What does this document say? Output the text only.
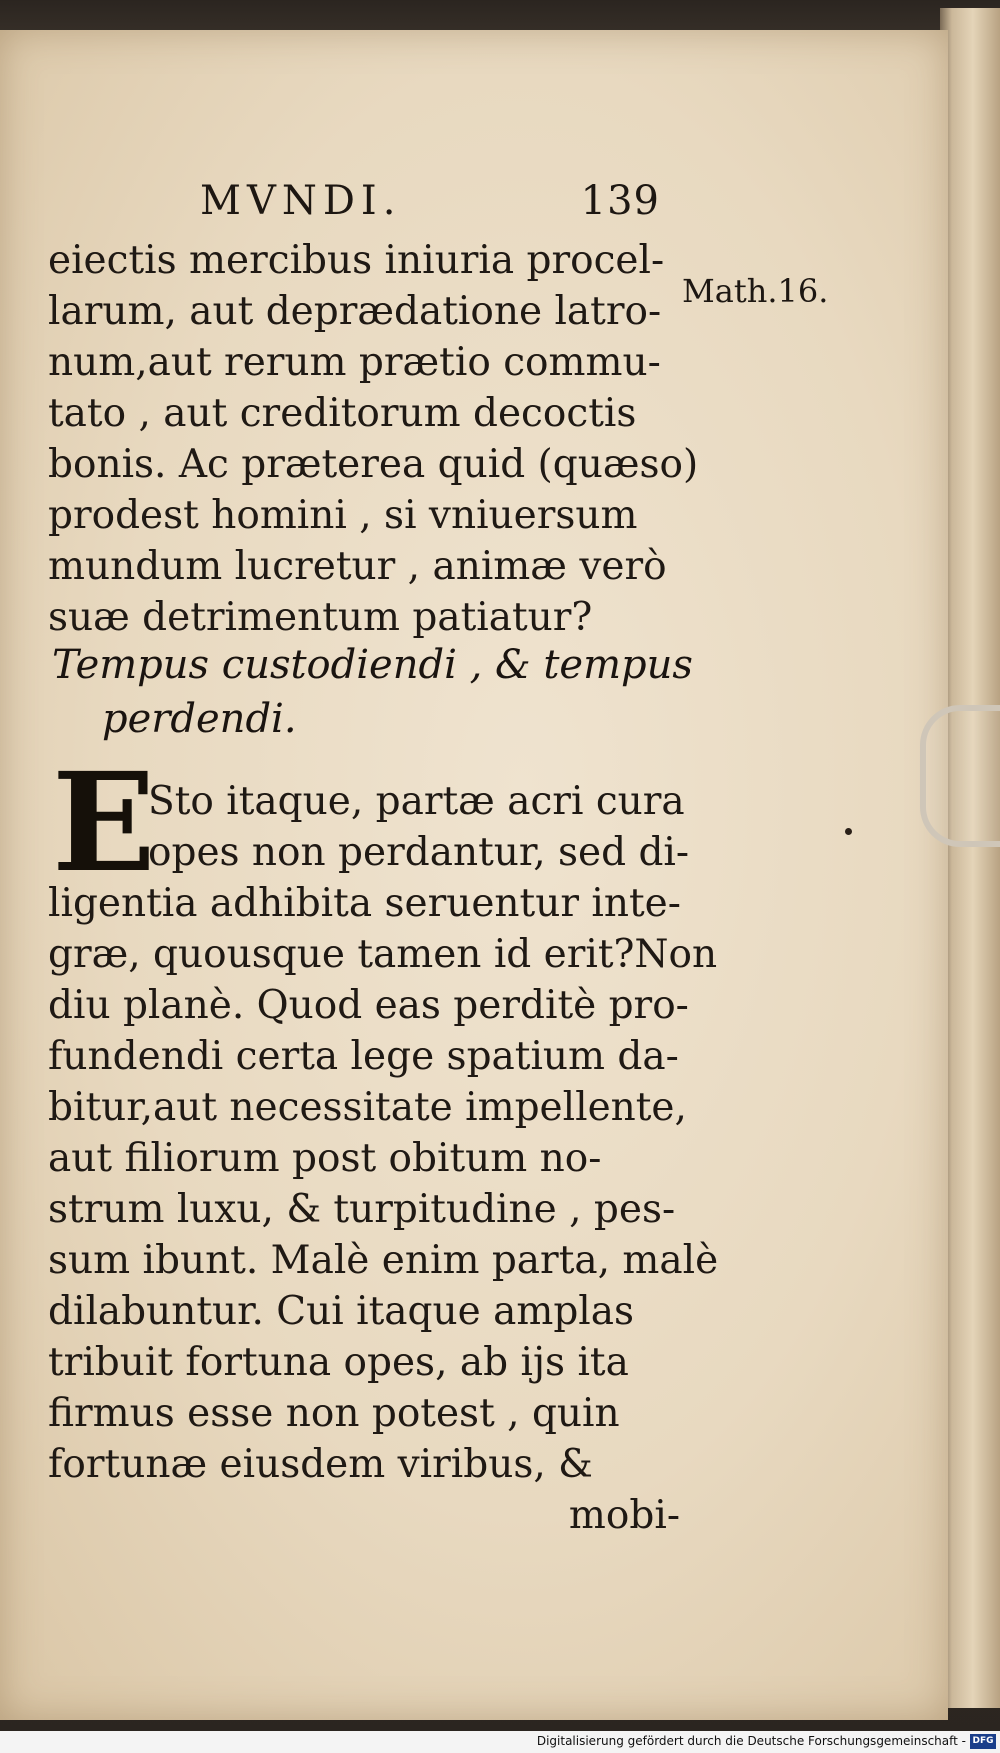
MVNDI.	139
Math.16.
eiectis mercibus iniuria procel-
larum, aut deprædatione latro-
num,aut rerum prætio commu-
tato , aut creditorum decoctis
bonis. Ac præterea quid (quæso)
prodest homini , si vniuersum
mundum lucretur , animæ verò
suæ detrimentum patiatur?
Tempus custodiendi , & tempus
perdendi.
E
Sto itaque, partæ acri cura
opes non perdantur, sed di-
ligentia adhibita seruentur inte-
græ, quousque tamen id erit?Non
diu planè. Quod eas perditè pro-
fundendi certa lege spatium da-
bitur,aut necessitate impellente,
aut filiorum post obitum no-
strum luxu, & turpitudine , pes-
sum ibunt. Malè enim parta, malè
dilabuntur. Cui itaque amplas
tribuit fortuna opes, ab ijs ita
firmus esse non potest , quin
fortunæ eiusdem viribus, &
mobi-
Digitalisierung gefördert durch die Deutsche Forschungsgemeinschaft - DFG
